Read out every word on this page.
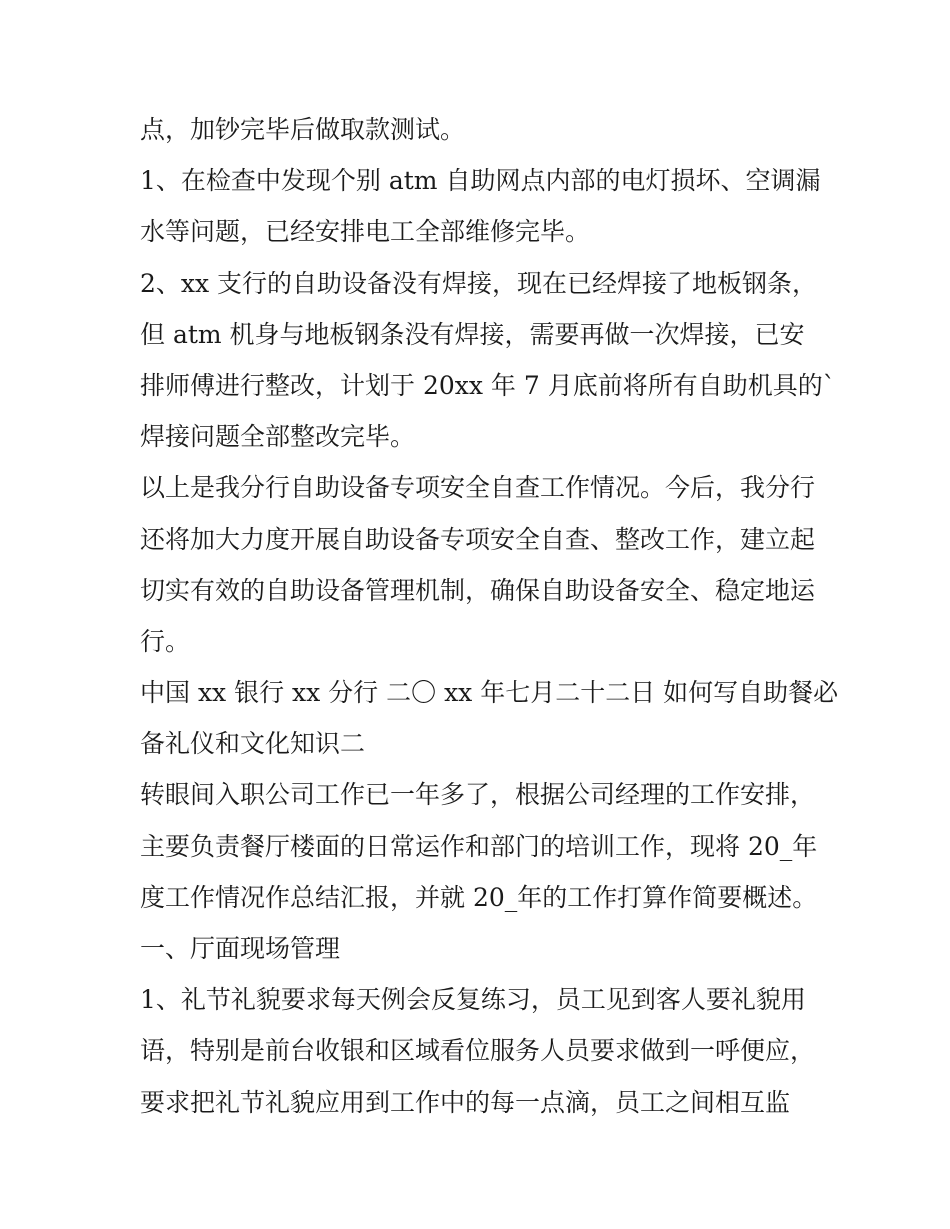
点，加钞完毕后做取款测试。
1、在检查中发现个别 atm 自助网点内部的电灯损坏、空调漏
水等问题，已经安排电工全部维修完毕。
2、xx 支行的自助设备没有焊接，现在已经焊接了地板钢条，
但 atm 机身与地板钢条没有焊接，需要再做一次焊接，已安
排师傅进行整改，计划于 20xx 年 7 月底前将所有自助机具的`
焊接问题全部整改完毕。
以上是我分行自助设备专项安全自查工作情况。今后，我分行
还将加大力度开展自助设备专项安全自查、整改工作，建立起
切实有效的自助设备管理机制，确保自助设备安全、稳定地运
行。
中国 xx 银行 xx 分行 二〇 xx 年七月二十二日 如何写自助餐必
备礼仪和文化知识二
转眼间入职公司工作已一年多了，根据公司经理的工作安排，
主要负责餐厅楼面的日常运作和部门的培训工作，现将 20_年
度工作情况作总结汇报，并就 20_年的工作打算作简要概述。
一、厅面现场管理
1、礼节礼貌要求每天例会反复练习，员工见到客人要礼貌用
语，特别是前台收银和区域看位服务人员要求做到一呼便应，
要求把礼节礼貌应用到工作中的每一点滴，员工之间相互监
